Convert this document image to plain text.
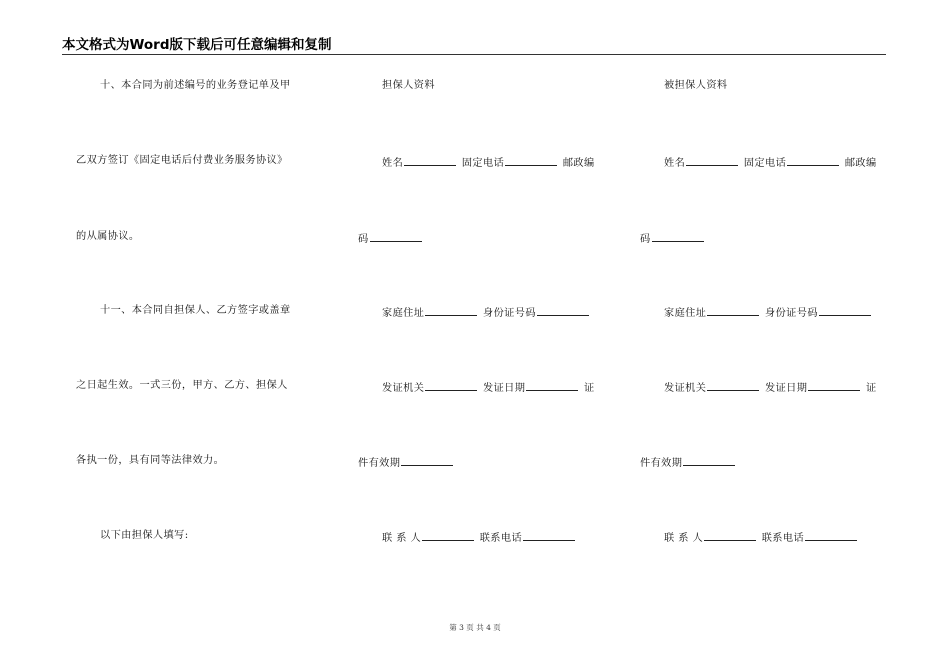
本文格式为Word版下载后可任意编辑和复制
十、本合同为前述编号的业务登记单及甲
乙双方签订《固定电话后付费业务服务协议》
的从属协议。
十一、本合同自担保人、乙方签字或盖章
之日起生效。一式三份，甲方、乙方、担保人
各执一份，具有同等法律效力。
以下由担保人填写:
担保人资料
姓名	固定电话	邮政编
码
家庭住址	身份证号码
发证机关	发证日期	证
件有效期
联 系 人	联系电话
被担保人资料
姓名	固定电话	邮政编
码
家庭住址	身份证号码
发证机关	发证日期	证
件有效期
联 系 人	联系电话
第 3 页 共 4 页
